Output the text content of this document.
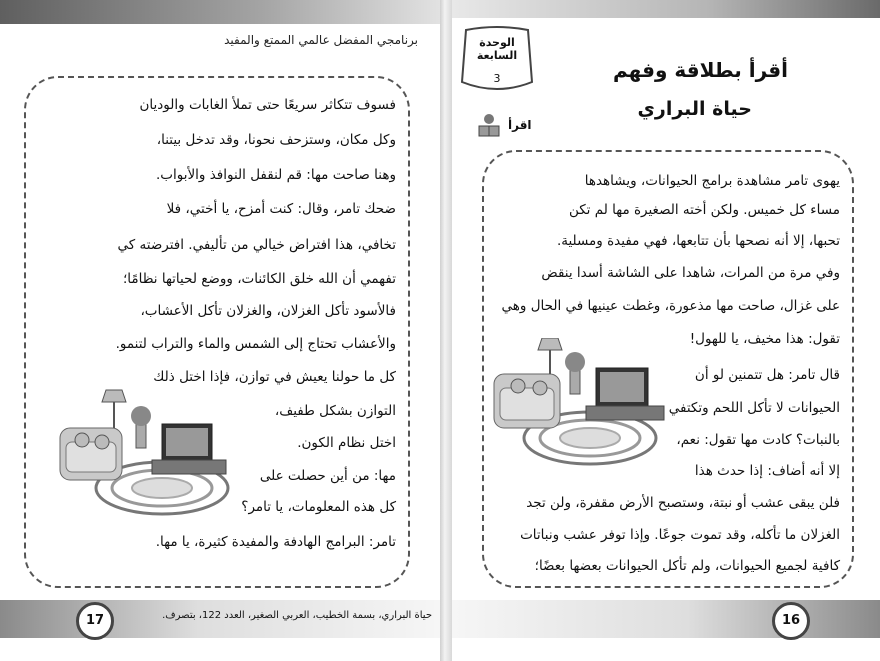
برنامجي المفضل عالمي الممتع والمفيد
فسوف تتكاثر سريعًا حتى تملأ الغابات والوديان
وكل مكان، وستزحف نحونا، وقد تدخل بيتنا،
وهنا صاحت مها: قم لنقفل النوافذ والأبواب.
ضحك تامر، وقال: كنت أمزح، يا أختي، فلا
تخافي، هذا افتراض خيالي من تأليفي. افترضته كي
تفهمي أن الله خلق الكائنات، ووضع لحياتها نظامًا؛
فالأسود تأكل الغزلان، والغزلان تأكل الأعشاب،
والأعشاب تحتاج إلى الشمس والماء والتراب لتنمو.
كل ما حولنا يعيش في توازن، فإذا اختل ذلك
التوازن بشكل طفيف،
اختل نظام الكون.
مها: من أين حصلت على
كل هذه المعلومات، يا تامر؟
تامر: البرامج الهادفة والمفيدة كثيرة، يا مها.
17	حياة البراري، بسمة الخطيب، العربي الصغير، العدد 122، بتصرف.
الوحدة السابعة
3
اقرأ
أقرأ بطلاقة وفهم
حياة البراري
يهوى تامر مشاهدة برامج الحيوانات، ويشاهدها
مساء كل خميس. ولكن أخته الصغيرة مها لم تكن
تحبها، إلا أنه نصحها بأن تتابعها، فهي مفيدة ومسلية.
وفي مرة من المرات، شاهدا على الشاشة أسدا ينقض
على غزال، صاحت مها مذعورة، وغطت عينيها في الحال وهي
تقول: هذا مخيف، يا للهول!
قال تامر: هل تتمنين لو أن
الحيوانات لا تأكل اللحم وتكتفي
بالنبات؟ كادت مها تقول: نعم،
إلا أنه أضاف: إذا حدث هذا
فلن يبقى عشب أو نبتة، وستصبح الأرض مقفرة، ولن تجد
الغزلان ما تأكله، وقد تموت جوعًا. وإذا توفر عشب ونباتات
كافية لجميع الحيوانات، ولم تأكل الحيوانات بعضها بعضًا؛
16
